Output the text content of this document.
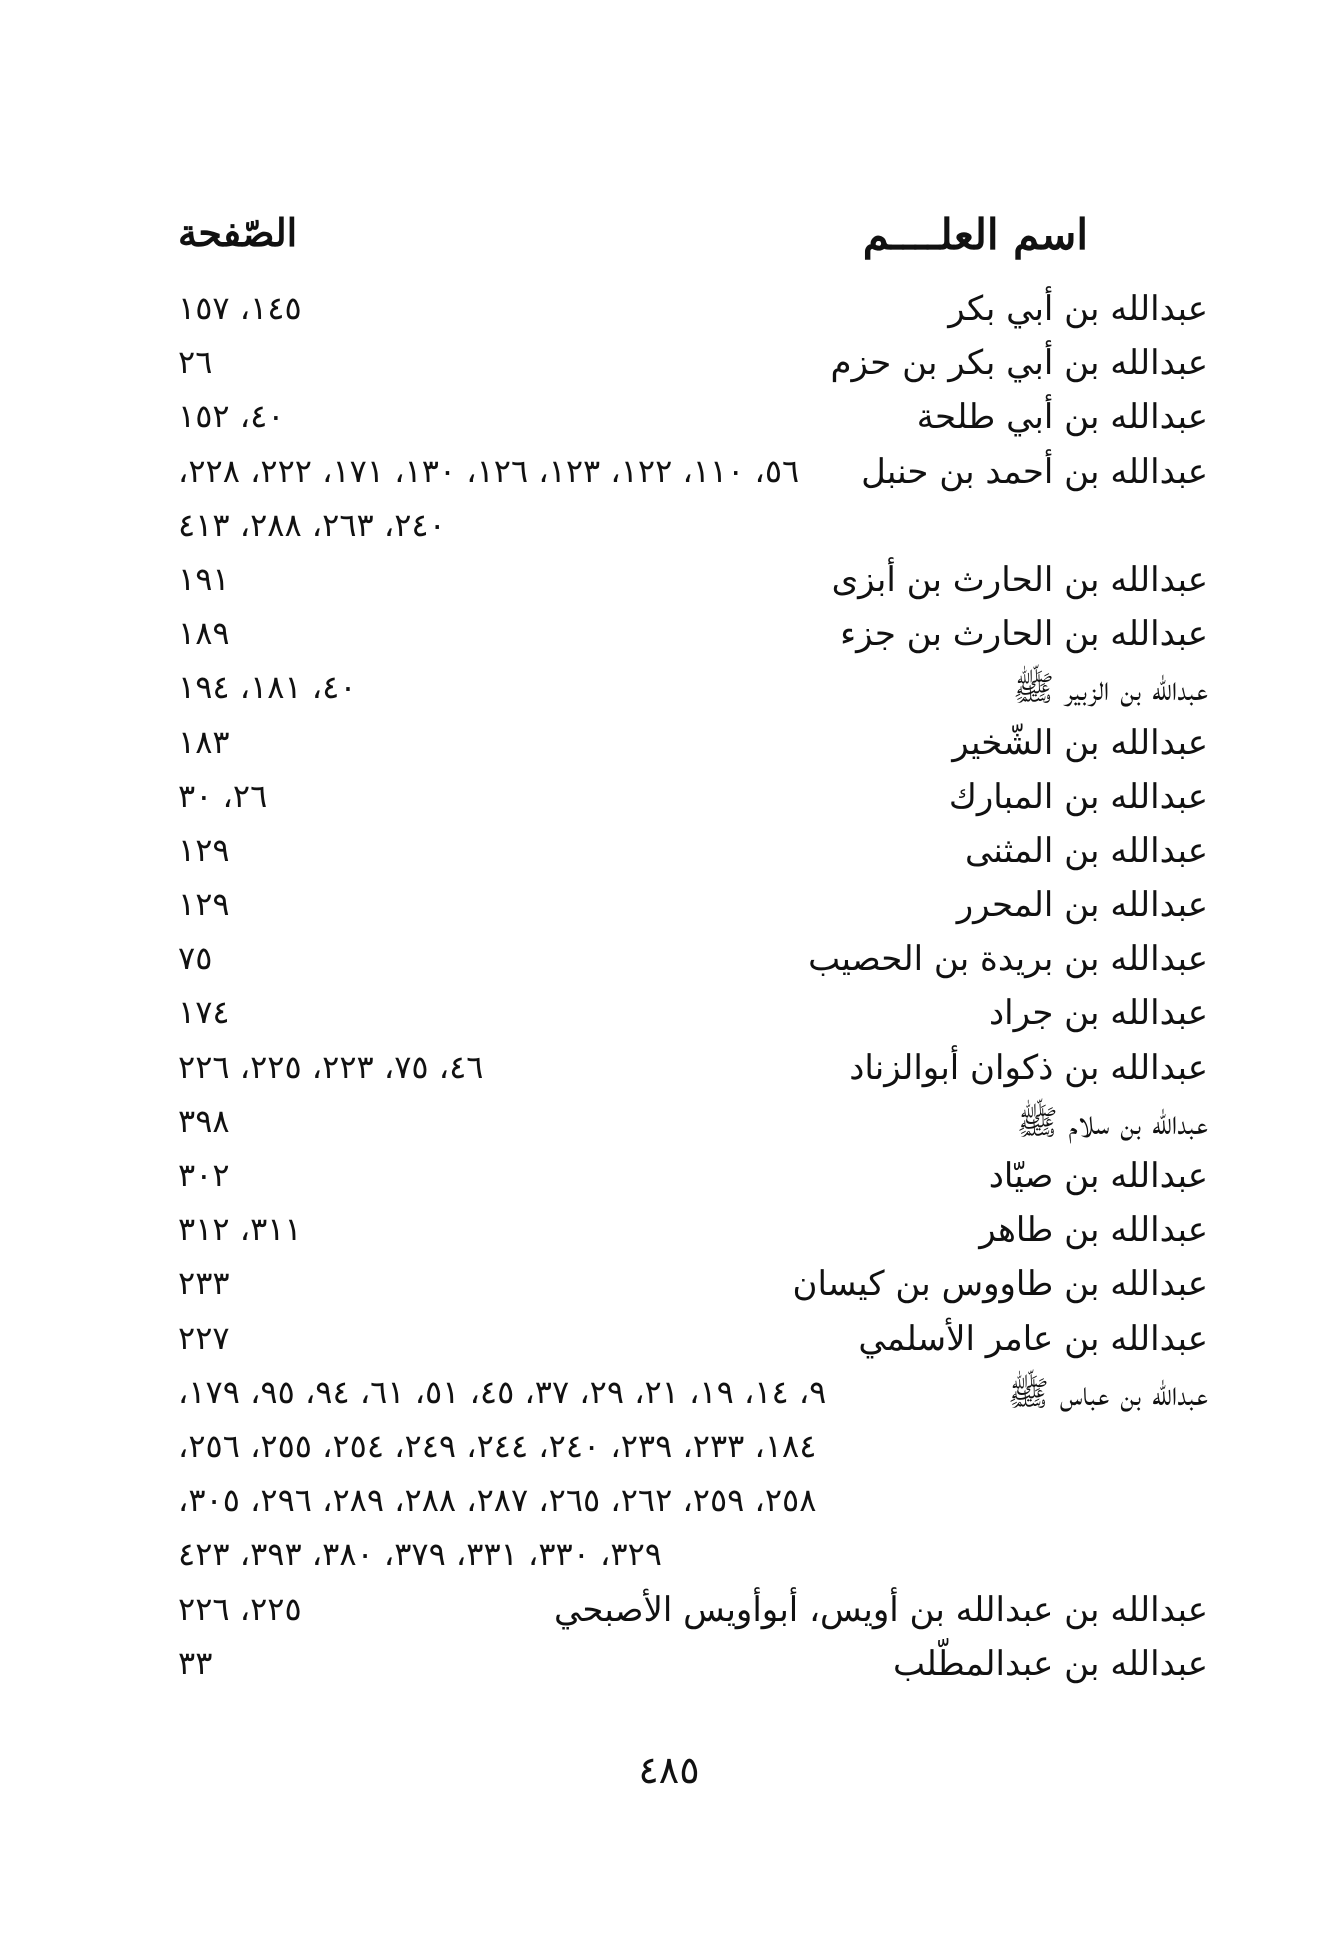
اسم العلــــم
الصّفحة
عبدالله بن أبي بكر
١٤٥، ١٥٧
عبدالله بن أبي بكر بن حزم
٢٦
عبدالله بن أبي طلحة
٤٠، ١٥٢
عبدالله بن أحمد بن حنبل
٥٦، ١١٠، ١٢٢، ١٢٣، ١٢٦، ١٣٠، ١٧١، ٢٢٢، ٢٢٨،
٢٤٠، ٢٦٣، ٢٨٨، ٤١٣
عبدالله بن الحارث بن أبزى
١٩١
عبدالله بن الحارث بن جزء
١٨٩
عبدالله بن الزبير ﷺ
٤٠، ١٨١، ١٩٤
عبدالله بن الشّخير
١٨٣
عبدالله بن المبارك
٢٦، ٣٠
عبدالله بن المثنى
١٢٩
عبدالله بن المحرر
١٢٩
عبدالله بن بريدة بن الحصيب
٧٥
عبدالله بن جراد
١٧٤
عبدالله بن ذكوان أبوالزناد
٤٦، ٧٥، ٢٢٣، ٢٢٥، ٢٢٦
عبدالله بن سلام ﷺ
٣٩٨
عبدالله بن صيّاد
٣٠٢
عبدالله بن طاهر
٣١١، ٣١٢
عبدالله بن طاووس بن كيسان
٢٣٣
عبدالله بن عامر الأسلمي
٢٢٧
عبدالله بن عباس ﷺ
٩، ١٤، ١٩، ٢١، ٢٩، ٣٧، ٤٥، ٥١، ٦١، ٩٤، ٩٥، ١٧٩،
١٨٤، ٢٣٣، ٢٣٩، ٢٤٠، ٢٤٤، ٢٤٩، ٢٥٤، ٢٥٥، ٢٥٦،
٢٥٨، ٢٥٩، ٢٦٢، ٢٦٥، ٢٨٧، ٢٨٨، ٢٨٩، ٢٩٦، ٣٠٥،
٣٢٩، ٣٣٠، ٣٣١، ٣٧٩، ٣٨٠، ٣٩٣، ٤٢٣
عبدالله بن عبدالله بن أويس، أبوأويس الأصبحي
٢٢٥، ٢٢٦
عبدالله بن عبدالمطّلب
٣٣
٤٨٥
